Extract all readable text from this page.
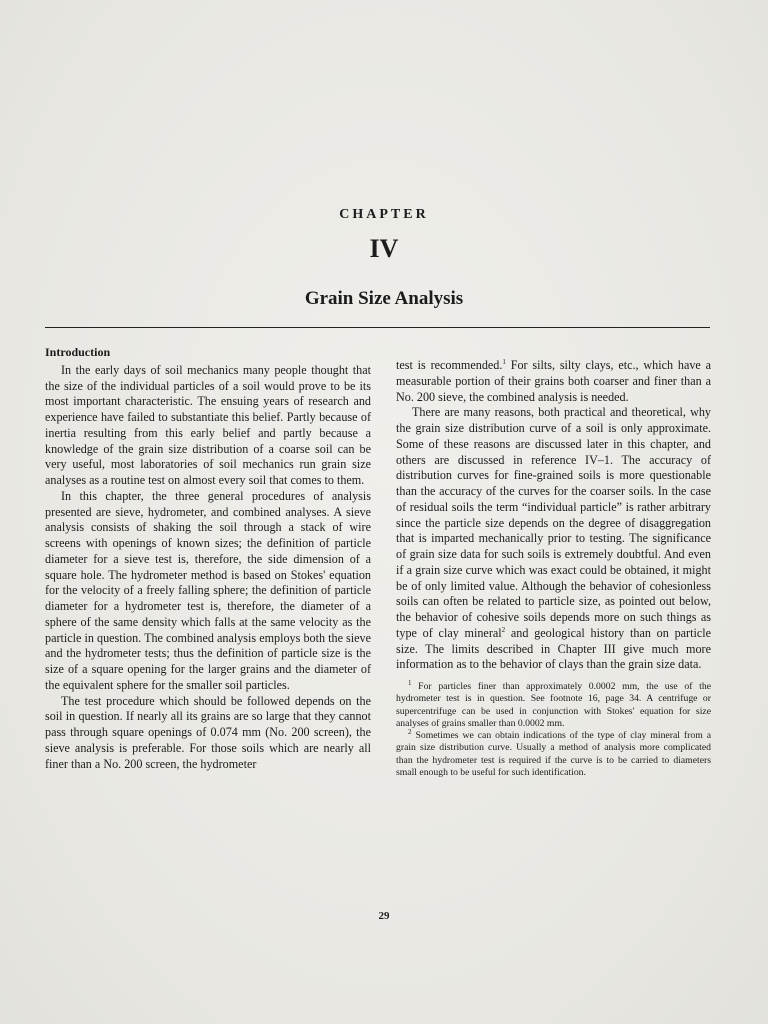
CHAPTER
IV
Grain Size Analysis
Introduction

In the early days of soil mechanics many people thought that the size of the individual particles of a soil would prove to be its most important characteristic. The ensuing years of research and experience have failed to substantiate this belief. Partly because of inertia resulting from this early belief and partly because a knowledge of the grain size distribution of a coarse soil can be very useful, most laboratories of soil mechanics run grain size analyses as a routine test on almost every soil that comes to them.

In this chapter, the three general procedures of analysis presented are sieve, hydrometer, and combined analyses. A sieve analysis consists of shaking the soil through a stack of wire screens with openings of known sizes; the definition of particle diameter for a sieve test is, therefore, the side dimension of a square hole. The hydrometer method is based on Stokes' equation for the velocity of a freely falling sphere; the definition of particle diameter for a hydrometer test is, therefore, the diameter of a sphere of the same density which falls at the same velocity as the particle in question. The combined analysis employs both the sieve and the hydrometer tests; thus the definition of particle size is the size of a square opening for the larger grains and the diameter of the equivalent sphere for the smaller soil particles.

The test procedure which should be followed depends on the soil in question. If nearly all its grains are so large that they cannot pass through square openings of 0.074 mm (No. 200 screen), the sieve analysis is preferable. For those soils which are nearly all finer than a No. 200 screen, the hydrometer

test is recommended.$^1$ For silts, silty clays, etc., which have a measurable portion of their grains both coarser and finer than a No. 200 sieve, the combined analysis is needed.

There are many reasons, both practical and theoretical, why the grain size distribution curve of a soil is only approximate. Some of these reasons are discussed later in this chapter, and others are discussed in reference IV–1. The accuracy of distribution curves for fine-grained soils is more questionable than the accuracy of the curves for the coarser soils. In the case of residual soils the term “individual particle” is rather arbitrary since the particle size depends on the degree of disaggregation that is imparted mechanically prior to testing. The significance of grain size data for such soils is extremely doubtful. And even if a grain size curve which was exact could be obtained, it might be of only limited value. Although the behavior of cohesionless soils can often be related to particle size, as pointed out below, the behavior of cohesive soils depends more on such things as type of clay mineral$^2$ and geological history than on particle size. The limits described in Chapter III give much more information as to the behavior of clays than the grain size data.

$^1$ For particles finer than approximately 0.0002 mm, the use of the hydrometer test is in question. See footnote 16, page 34. A centrifuge or supercentrifuge can be used in conjunction with Stokes' equation for size analyses of grains smaller than 0.0002 mm.

$^2$ Sometimes we can obtain indications of the type of clay mineral from a grain size distribution curve. Usually a method of analysis more complicated than the hydrometer test is required if the curve is to be carried to diameters small enough to be useful for such identification.

29
